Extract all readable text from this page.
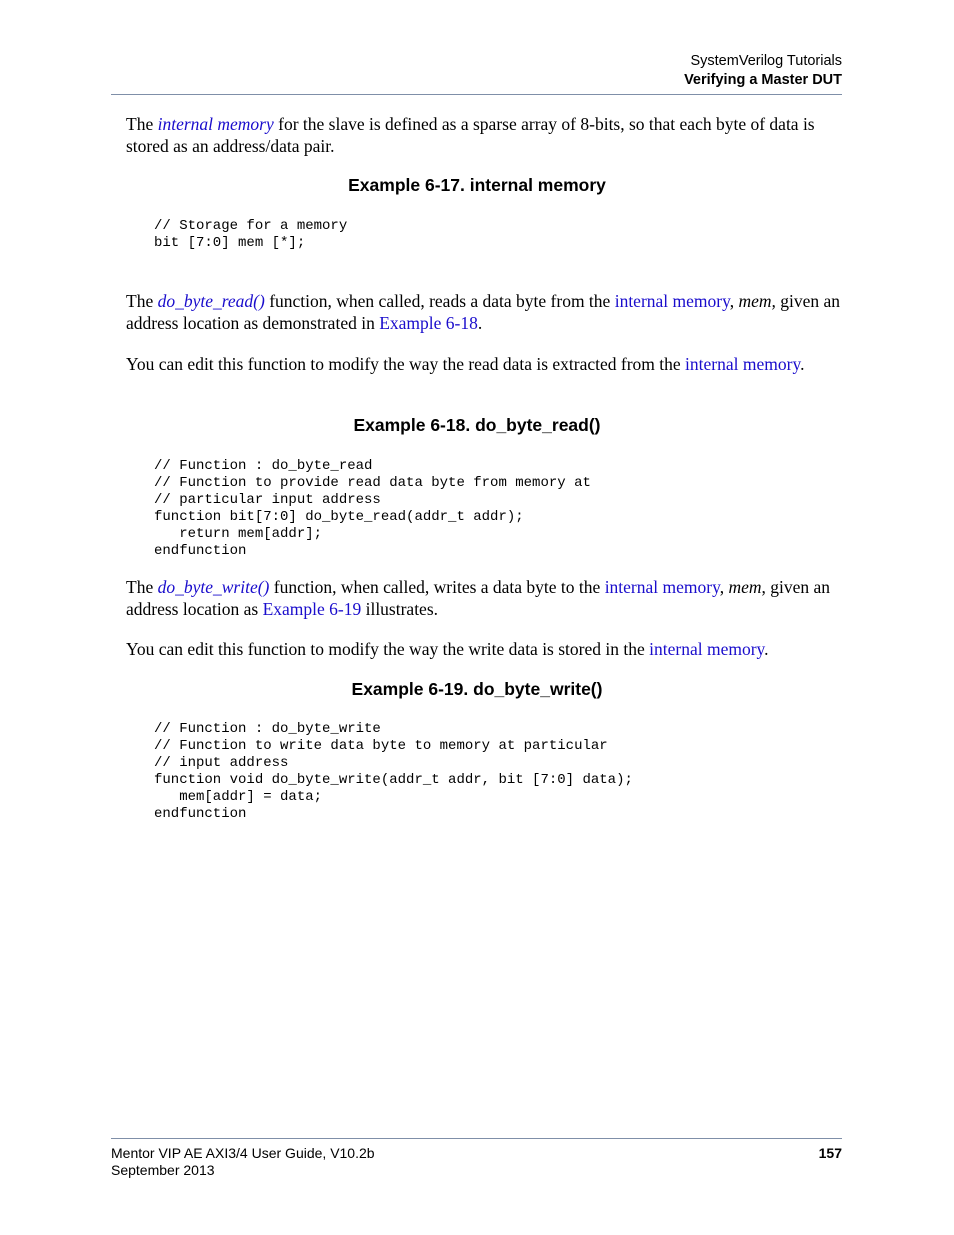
SystemVerilog Tutorials
Verifying a Master DUT
The internal memory for the slave is defined as a sparse array of 8-bits, so that each byte of data is stored as an address/data pair.
Example 6-17. internal memory
// Storage for a memory
bit [7:0] mem [*];
The do_byte_read() function, when called, reads a data byte from the internal memory, mem, given an address location as demonstrated in Example 6-18.
You can edit this function to modify the way the read data is extracted from the internal memory.
Example 6-18. do_byte_read()
// Function : do_byte_read
// Function to provide read data byte from memory at
// particular input address
function bit[7:0] do_byte_read(addr_t addr);
return mem[addr];
endfunction
The do_byte_write() function, when called, writes a data byte to the internal memory, mem, given an address location as Example 6-19 illustrates.
You can edit this function to modify the way the write data is stored in the internal memory.
Example 6-19. do_byte_write()
// Function : do_byte_write
// Function to write data byte to memory at particular
// input address
function void do_byte_write(addr_t addr, bit [7:0] data);
mem[addr] = data;
endfunction
Mentor VIP AE AXI3/4 User Guide, V10.2b
September 2013
157
